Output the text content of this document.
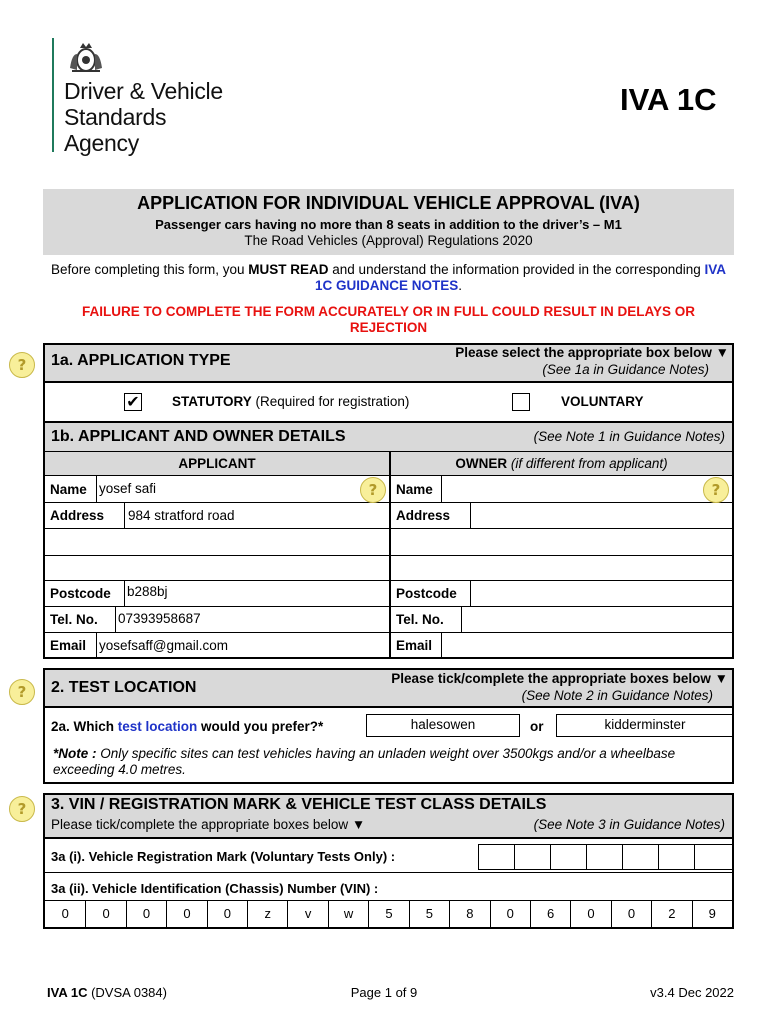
Driver & Vehicle
Standards
Agency
IVA 1C
APPLICATION FOR INDIVIDUAL VEHICLE APPROVAL (IVA)
Passenger cars having no more than 8 seats in addition to the driver’s – M1
The Road Vehicles (Approval) Regulations 2020
Before completing this form, you MUST READ and understand the information provided in the corresponding IVA 1C GUIDANCE NOTES.
FAILURE TO COMPLETE THE FORM ACCURATELY OR IN FULL COULD RESULT IN DELAYS OR REJECTION
?	1a. APPLICATION TYPE	Please select the appropriate box below ▼
(See 1a in Guidance Notes)
✔ STATUTORY (Required for registration)	VOLUNTARY
1b. APPLICANT AND OWNER DETAILS	(See Note 1 in Guidance Notes)
APPLICANT	OWNER (if different from applicant)
Name yosef safi	?
Address 984 stratford road
Postcode b288bj
Tel. No. 07393958687
Email yosefsaff@gmail.com
Name	?
Address
Postcode
Tel. No.
Email
?	2. TEST LOCATION
Please tick/complete the appropriate boxes below ▼
(See Note 2 in Guidance Notes)
2a. Which test location would you prefer?*	halesowen	or	kidderminster
*Note : Only specific sites can test vehicles having an unladen weight over 3500kgs and/or a wheelbase exceeding 4.0 metres.
?	3. VIN / REGISTRATION MARK & VEHICLE TEST CLASS DETAILS
Please tick/complete the appropriate boxes below ▼	(See Note 3 in Guidance Notes)
3a (i). Vehicle Registration Mark (Voluntary Tests Only) :
3a (ii). Vehicle Identification (Chassis) Number (VIN) :
0	0	0	0	0	z	v	w	5	5	8	0	6	0	0	2	9
IVA 1C (DVSA 0384)	Page 1 of 9	v3.4 Dec 2022
